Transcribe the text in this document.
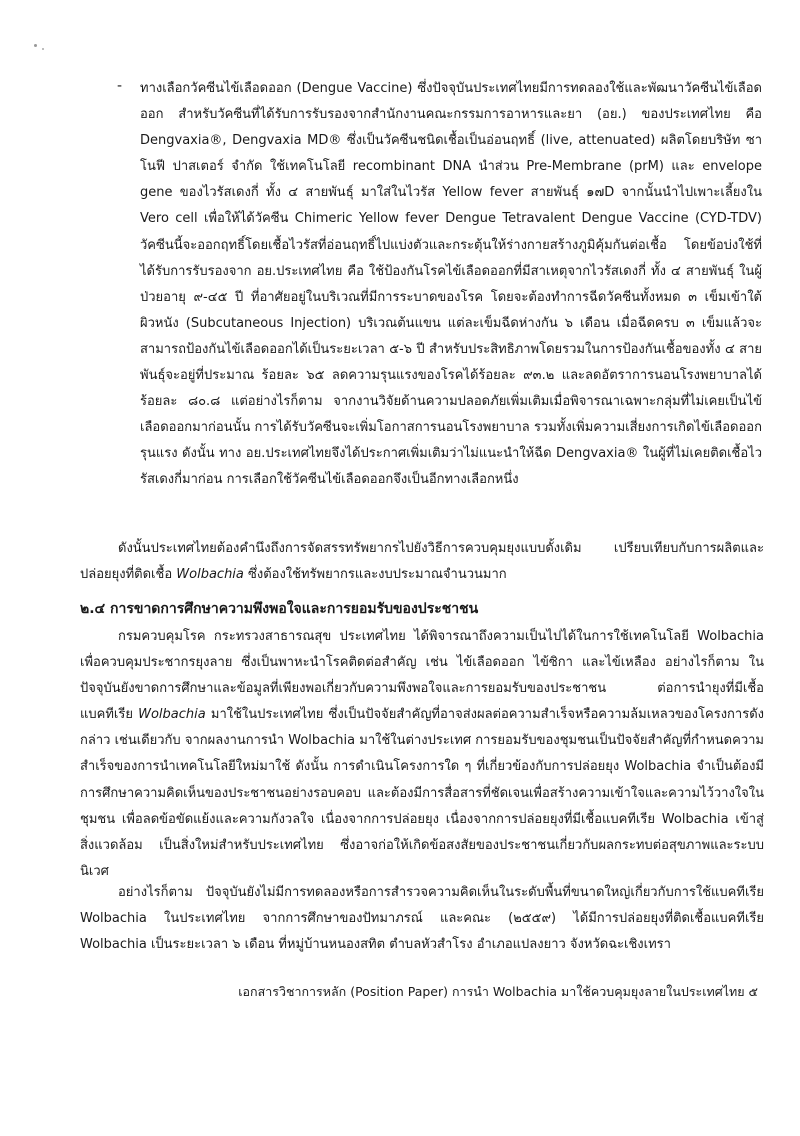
- ทางเลือกวัคซีนไข้เลือดออก (Dengue Vaccine) ซึ่งปัจจุบันประเทศไทยมีการทดลองใช้และพัฒนาวัคซีนไข้เลือดออก สำหรับวัคซีนที่ได้รับการรับรองจากสำนักงานคณะกรรมการอาหารและยา (อย.) ของประเทศไทย คือ Dengvaxia®, Dengvaxia MD® ซึ่งเป็นวัคซีนชนิดเชื้อเป็นอ่อนฤทธิ์ (live, attenuated) ผลิตโดยบริษัท ซาโนฟี ปาสเตอร์ จำกัด ใช้เทคโนโลยี recombinant DNA นำส่วน Pre-Membrane (prM) และ envelope gene ของไวรัสเดงกี่ ทั้ง ๔ สายพันธุ์ มาใส่ในไวรัส Yellow fever สายพันธุ์ ๑๗D จากนั้นนำไปเพาะเลี้ยงใน Vero cell เพื่อให้ได้วัคซีน Chimeric Yellow fever Dengue Tetravalent Dengue Vaccine (CYD-TDV) วัคซีนนี้จะออกฤทธิ์โดยเชื้อไวรัสที่อ่อนฤทธิ์ไปแบ่งตัวและกระตุ้นให้ร่างกายสร้างภูมิคุ้มกันต่อเชื้อ โดยข้อบ่งใช้ที่ได้รับการรับรองจาก อย.ประเทศไทย คือ ใช้ป้องกันโรคไข้เลือดออกที่มีสาเหตุจากไวรัสเดงกี่ ทั้ง ๔ สายพันธุ์ ในผู้ป่วยอายุ ๙-๔๕ ปี ที่อาศัยอยู่ในบริเวณที่มีการระบาดของโรค โดยจะต้องทำการฉีดวัคซีนทั้งหมด ๓ เข็มเข้าใต้ผิวหนัง (Subcutaneous Injection) บริเวณต้นแขน แต่ละเข็มฉีดห่างกัน ๖ เดือน เมื่อฉีดครบ ๓ เข็มแล้วจะสามารถป้องกันไข้เลือดออกได้เป็นระยะเวลา ๕-๖ ปี สำหรับประสิทธิภาพโดยรวมในการป้องกันเชื้อของทั้ง ๔ สายพันธุ์จะอยู่ที่ประมาณ ร้อยละ ๖๕ ลดความรุนแรงของโรคได้ร้อยละ ๙๓.๒ และลดอัตราการนอนโรงพยาบาลได้ร้อยละ ๘๐.๘ แต่อย่างไรก็ตาม จากงานวิจัยด้านความปลอดภัยเพิ่มเติมเมื่อพิจารณาเฉพาะกลุ่มที่ไม่เคยเป็นไข้เลือดออกมาก่อนนั้น การได้รับวัคซีนจะเพิ่มโอกาสการนอนโรงพยาบาล รวมทั้งเพิ่มความเสี่ยงการเกิดไข้เลือดออกรุนแรง ดังนั้น ทาง อย.ประเทศไทยจึงได้ประกาศเพิ่มเติมว่าไม่แนะนำให้ฉีด Dengvaxia® ในผู้ที่ไม่เคยติดเชื้อไวรัสเดงกี่มาก่อน การเลือกใช้วัคซีนไข้เลือดออกจึงเป็นอีกทางเลือกหนึ่ง
ดังนั้นประเทศไทยต้องคำนึงถึงการจัดสรรทรัพยากรไปยังวิธีการควบคุมยุงแบบดั้งเดิม เปรียบเทียบกับการผลิตและปล่อยยุงที่ติดเชื้อ Wolbachia ซึ่งต้องใช้ทรัพยากรและงบประมาณจำนวนมาก
๒.๔ การขาดการศึกษาความพึงพอใจและการยอมรับของประชาชน
กรมควบคุมโรค กระทรวงสาธารณสุข ประเทศไทย ได้พิจารณาถึงความเป็นไปได้ในการใช้เทคโนโลยี Wolbachia เพื่อควบคุมประชากรยุงลาย ซึ่งเป็นพาหะนำโรคติดต่อสำคัญ เช่น ไข้เลือดออก ไข้ซิกา และไข้เหลือง อย่างไรก็ตาม ในปัจจุบันยังขาดการศึกษาและข้อมูลที่เพียงพอเกี่ยวกับความพึงพอใจและการยอมรับของประชาชน ต่อการนำยุงที่มีเชื้อแบคทีเรีย Wolbachia มาใช้ในประเทศไทย ซึ่งเป็นปัจจัยสำคัญที่อาจส่งผลต่อความสำเร็จหรือความล้มเหลวของโครงการดังกล่าว เช่นเดียวกับ จากผลงานการนำ Wolbachia มาใช้ในต่างประเทศ การยอมรับของชุมชนเป็นปัจจัยสำคัญที่กำหนดความสำเร็จของการนำเทคโนโลยีใหม่มาใช้ ดังนั้น การดำเนินโครงการใด ๆ ที่เกี่ยวข้องกับการปล่อยยุง Wolbachia จำเป็นต้องมีการศึกษาความคิดเห็นของประชาชนอย่างรอบคอบ และต้องมีการสื่อสารที่ชัดเจนเพื่อสร้างความเข้าใจและความไว้วางใจในชุมชน เพื่อลดข้อขัดแย้งและความกังวลใจ เนื่องจากการปล่อยยุง เนื่องจากการปล่อยยุงที่มีเชื้อแบคทีเรีย Wolbachia เข้าสู่สิ่งแวดล้อม เป็นสิ่งใหม่สำหรับประเทศไทย ซึ่งอาจก่อให้เกิดข้อสงสัยของประชาชนเกี่ยวกับผลกระทบต่อสุขภาพและระบบนิเวศ
อย่างไรก็ตาม ปัจจุบันยังไม่มีการทดลองหรือการสำรวจความคิดเห็นในระดับพื้นที่ขนาดใหญ่เกี่ยวกับการใช้แบคทีเรีย Wolbachia ในประเทศไทย จากการศึกษาของปัทมาภรณ์ และคณะ (๒๕๕๙) ได้มีการปล่อยยุงที่ติดเชื้อแบคทีเรีย Wolbachia เป็นระยะเวลา ๖ เดือน ที่หมู่บ้านหนองสทิต ตำบลหัวสำโรง อำเภอแปลงยาว จังหวัดฉะเชิงเทรา
เอกสารวิชาการหลัก (Position Paper) การนำ Wolbachia มาใช้ควบคุมยุงลายในประเทศไทย ๕
